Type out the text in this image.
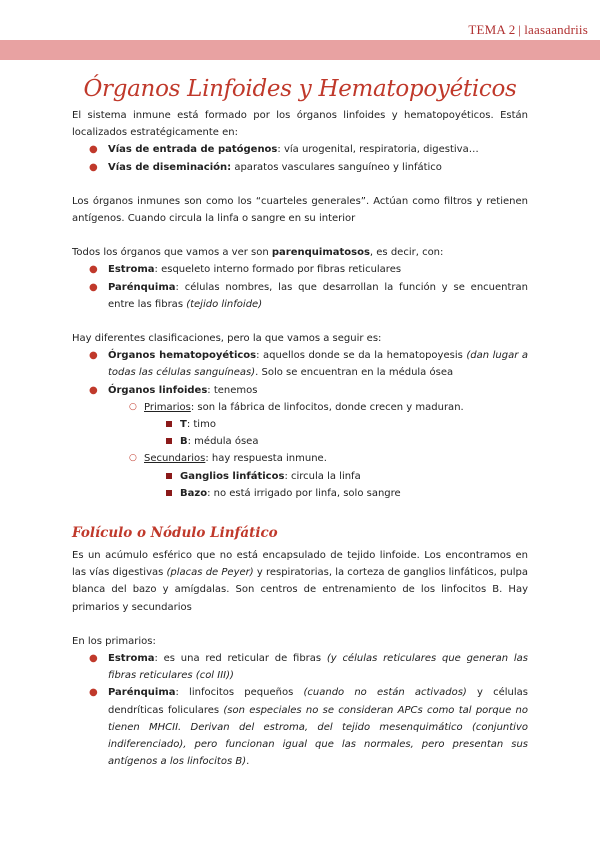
TEMA 2 | laasaandriis
Órganos Linfoides y Hematopoyéticos

El sistema inmune está formado por los órganos linfoides y hematopoyéticos. Están localizados estratégicamente en:

● Vías de entrada de patógenos: vía urogenital, respiratoria, digestiva…
● Vías de diseminación: aparatos vasculares sanguíneo y linfático

Los órganos inmunes son como los “cuarteles generales”. Actúan como filtros y retienen antígenos. Cuando circula la linfa o sangre en su interior

Todos los órganos que vamos a ver son parenquimatosos, es decir, con:

● Estroma: esqueleto interno formado por fibras reticulares
● Parénquima: células nombres, las que desarrollan la función y se encuentran entre las fibras (tejido linfoide)

Hay diferentes clasificaciones, pero la que vamos a seguir es:

● Órganos hematopoyéticos: aquellos donde se da la hematopoyesis (dan lugar a todas las células sanguíneas). Solo se encuentran en la médula ósea
● Órganos linfoides: tenemos
○ Primarios: son la fábrica de linfocitos, donde crecen y maduran.
T: timo
B: médula ósea
○ Secundarios: hay respuesta inmune.
Ganglios linfáticos: circula la linfa
Bazo: no está irrigado por linfa, solo sangre
Folículo o Nódulo Linfático

Es un acúmulo esférico que no está encapsulado de tejido linfoide. Los encontramos en las vías digestivas (placas de Peyer) y respiratorias, la corteza de ganglios linfáticos, pulpa blanca del bazo y amígdalas. Son centros de entrenamiento de los linfocitos B. Hay primarios y secundarios

En los primarios:

● Estroma: es una red reticular de fibras (y células reticulares que generan las fibras reticulares (col III))
● Parénquima: linfocitos pequeños (cuando no están activados) y células dendríticas foliculares (son especiales no se consideran APCs como tal porque no tienen MHCII. Derivan del estroma, del tejido mesenquimático (conjuntivo indiferenciado), pero funcionan igual que las normales, pero presentan sus antígenos a los linfocitos B).
